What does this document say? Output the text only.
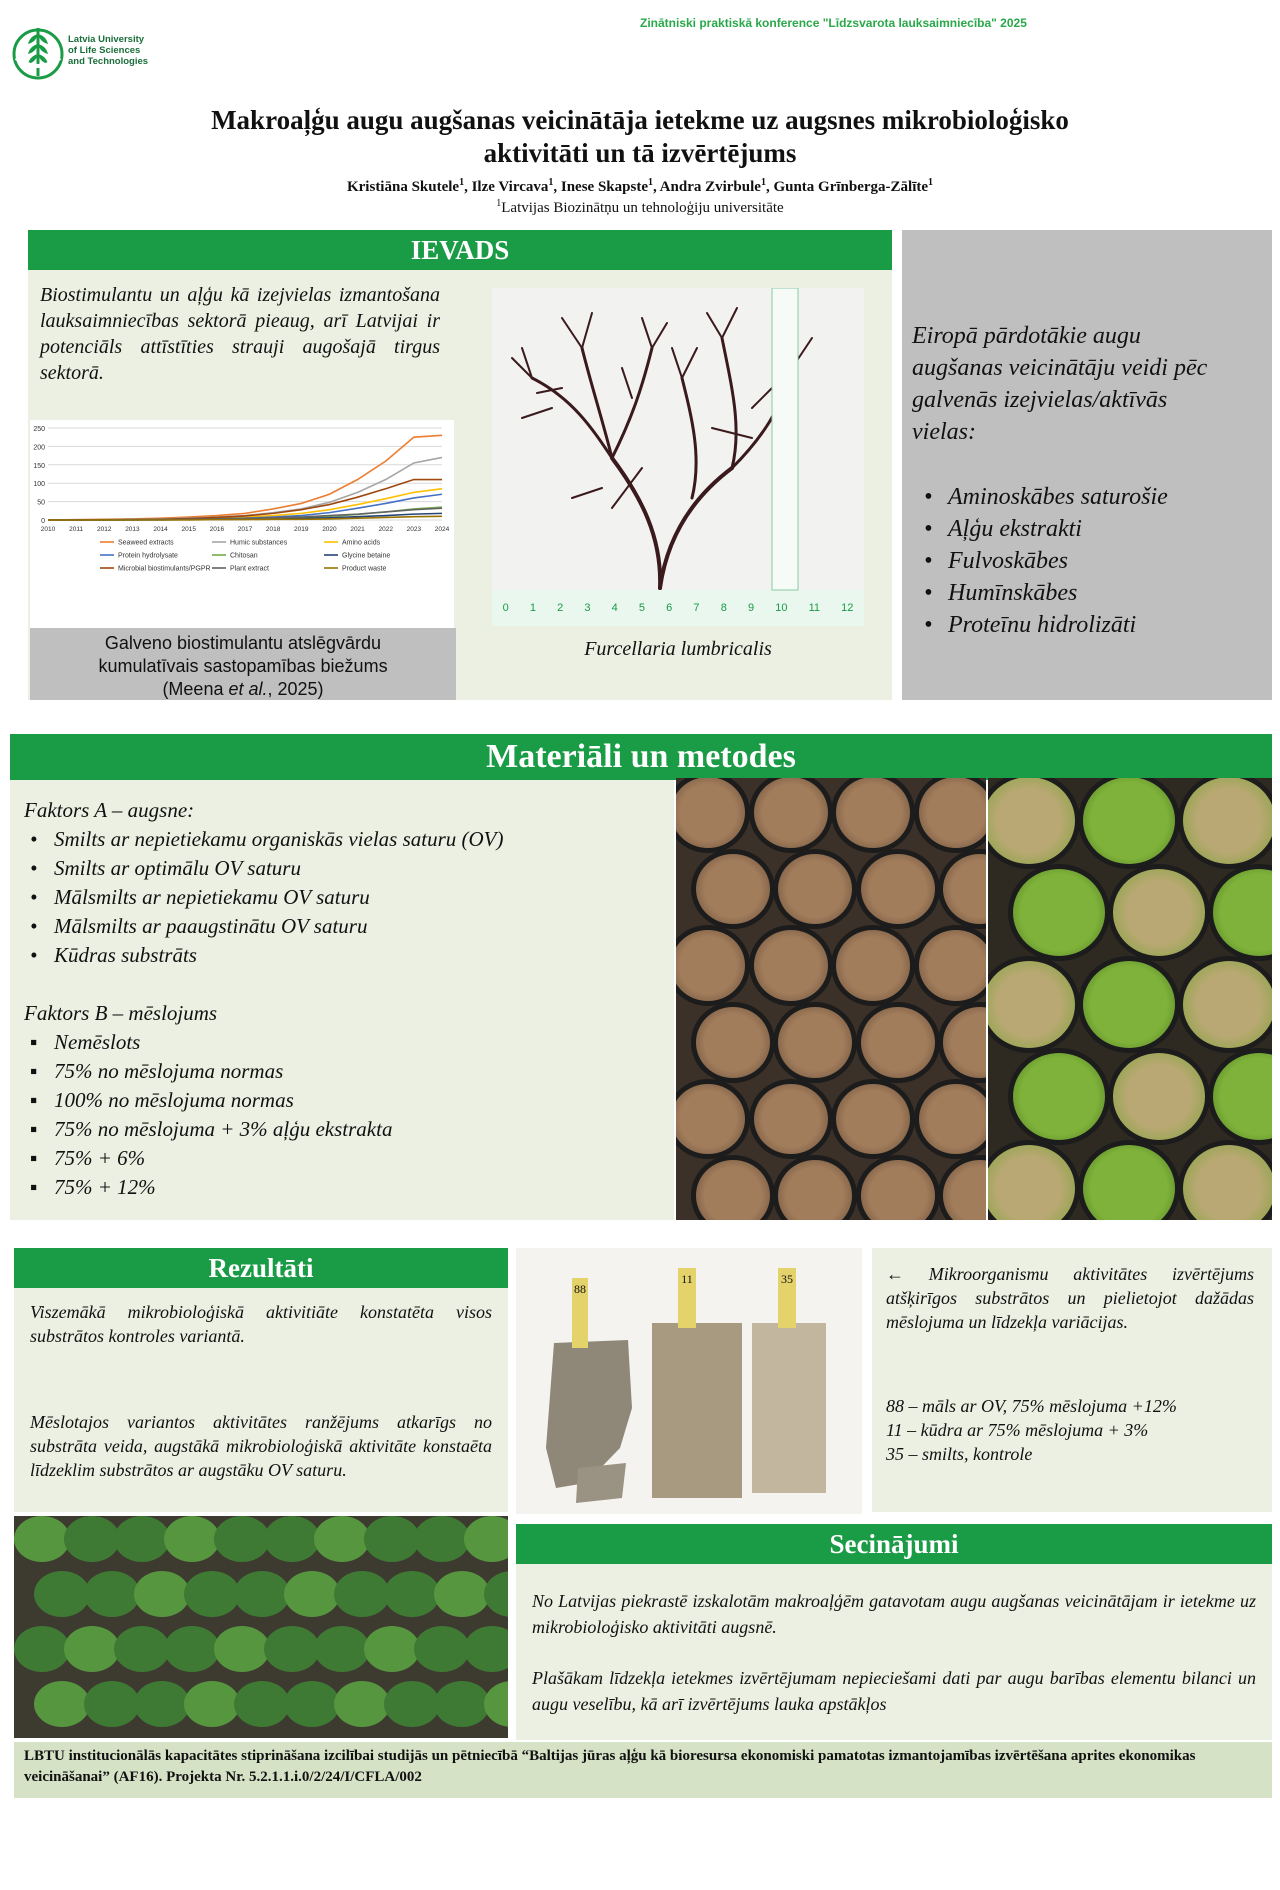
Latvia University
of Life Sciences
and Technologies
Zinātniski praktiskā konference "Līdzsvarota lauksaimniecība" 2025
Makroaļģu augu augšanas veicinātāja ietekme uz augsnes mikrobioloģisko
aktivitāti un tā izvērtējums
Kristiāna Skutele$^1$, Ilze Vircava$^1$, Inese Skapste$^1$, Andra Zvirbule$^1$, Gunta Grīnberga-Zālīte$^1$
$^1$Latvijas Biozinātņu un tehnoloģiju universitāte
IEVADS
Biostimulantu un aļģu kā izejvielas izmantošana lauksaimniecības sektorā pieaug, arī Latvijai ir potenciāls attīstīties strauji augošajā tirgus sektorā.
0
50
100
150
200
250
2010 2011 2012 2013 2014 2015 2016 2017 2018 2019 2020 2021 2022 2023 2024
Seaweed extracts	Humic substances	Amino acids
Protein hydrolysate	Chitosan	Glycine betaine
Microbial biostimulants/PGPR	Plant extract	Product waste
Galveno biostimulantu atslēgvārdu
kumulatīvais sastopamības biežums
(Meena et al., 2025)
0 1 2 3 4 5 6 7 8 9 10 11 12
Furcellaria lumbricalis
Eiropā pārdotākie augu augšanas veicinātāju veidi pēc galvenās izejvielas/aktīvās vielas:
• Aminoskābes saturošie
• Aļģu ekstrakti
• Fulvoskābes
• Humīnskābes
• Proteīnu hidrolizāti
Materiāli un metodes
Faktors A – augsne:
• Smilts ar nepietiekamu organiskās vielas saturu (OV)
• Smilts ar optimālu OV saturu
• Mālsmilts ar nepietiekamu OV saturu
• Mālsmilts ar paaugstinātu OV saturu
• Kūdras substrāts
Faktors B – mēslojums
▪ Nemēslots
▪ 75% no mēslojuma normas
▪ 100% no mēslojuma normas
▪ 75% no mēslojuma + 3% aļģu ekstrakta
▪ 75% + 6%
▪ 75% + 12%
Rezultāti
Viszemākā mikrobioloģiskā aktivitiāte konstatēta visos substrātos kontroles variantā.
Mēslotajos variantos aktivitātes ranžējums atkarīgs no substrāta veida, augstākā mikrobioloģiskā aktivitāte konstaēta līdzeklim substrātos ar augstāku OV saturu.
88
11	35	← Mikroorganismu aktivitātes izvērtējums atšķirīgos substrātos un pielietojot dažādas mēslojuma un līdzekļa variācijas.
88 – māls ar OV, 75% mēslojuma +12%
11 – kūdra ar 75% mēslojuma + 3%
35 – smilts, kontrole
Secinājumi
No Latvijas piekrastē izskalotām makroaļģēm gatavotam augu augšanas veicinātājam ir ietekme uz mikrobioloģisko aktivitāti augsnē.
Plašākam līdzekļa ietekmes izvērtējumam nepieciešami dati par augu barības elementu bilanci un augu veselību, kā arī izvērtējums lauka apstākļos
LBTU institucionālās kapacitātes stiprināšana izcilībai studijās un pētniecībā “Baltijas jūras aļģu kā bioresursa ekonomiski pamatotas izmantojamības izvērtēšana aprites ekonomikas veicināšanai” (AF16). Projekta Nr. 5.2.1.1.i.0/2/24/I/CFLA/002
